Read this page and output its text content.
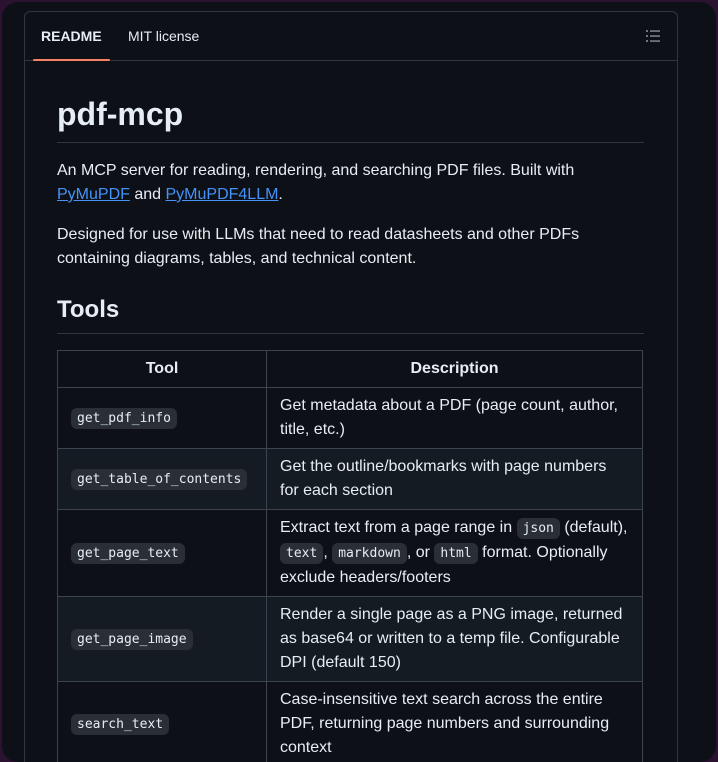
README	MIT license
pdf-mcp

An MCP server for reading, rendering, and searching PDF files. Built with PyMuPDF and PyMuPDF4LLM.

Designed for use with LLMs that need to read datasheets and other PDFs containing diagrams, tables, and technical content.

Tools
Tool	Description
get_pdf_info	Get metadata about a PDF (page count, author, title, etc.)
get_table_of_contents	Get the outline/bookmarks with page numbers for each section
get_page_text	Extract text from a page range in json (default), text , markdown , or html format. Optionally exclude headers/footers
get_page_image	Render a single page as a PNG image, returned as base64 or written to a temp file. Configurable DPI (default 150)
search_text	Case-insensitive text search across the entire PDF, returning page numbers and surrounding context
